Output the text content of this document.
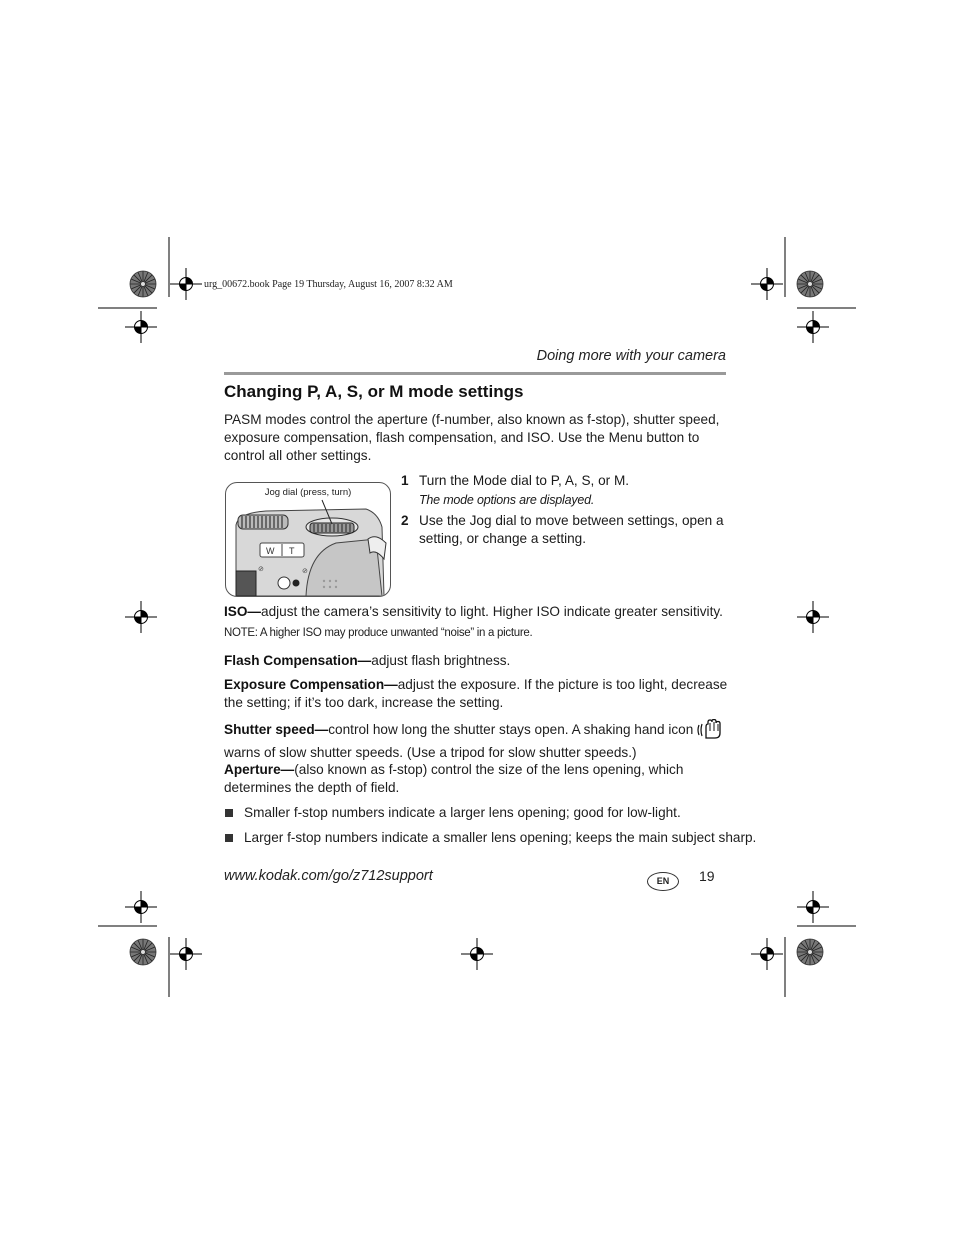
urg_00672.book Page 19 Thursday, August 16, 2007 8:32 AM
Doing more with your camera
Changing P, A, S, or M mode settings

PASM modes control the aperture (f-number, also known as f-stop), shutter speed, exposure compensation, flash compensation, and ISO. Use the Menu button to control all other settings.

W T
⊘	⊘
Jog dial (press, turn)
1 Turn the Mode dial to P, A, S, or M.
The mode options are displayed.
2 Use the Jog dial to move between settings, open a setting, or change a setting.

ISO—adjust the camera’s sensitivity to light. Higher ISO indicate greater sensitivity.

NOTE: A higher ISO may produce unwanted “noise” in a picture.

Flash Compensation—adjust flash brightness.

Exposure Compensation—adjust the exposure. If the picture is too light, decrease the setting; if it’s too dark, increase the setting.

Shutter speed—control how long the shutter stays open. A shaking hand icon warns of slow shutter speeds. (Use a tripod for slow shutter speeds.)

Aperture—(also known as f-stop) control the size of the lens opening, which determines the depth of field.

Smaller f-stop numbers indicate a larger lens opening; good for low-light.
Larger f-stop numbers indicate a smaller lens opening; keeps the main subject sharp.
www.kodak.com/go/z712support	EN	19
